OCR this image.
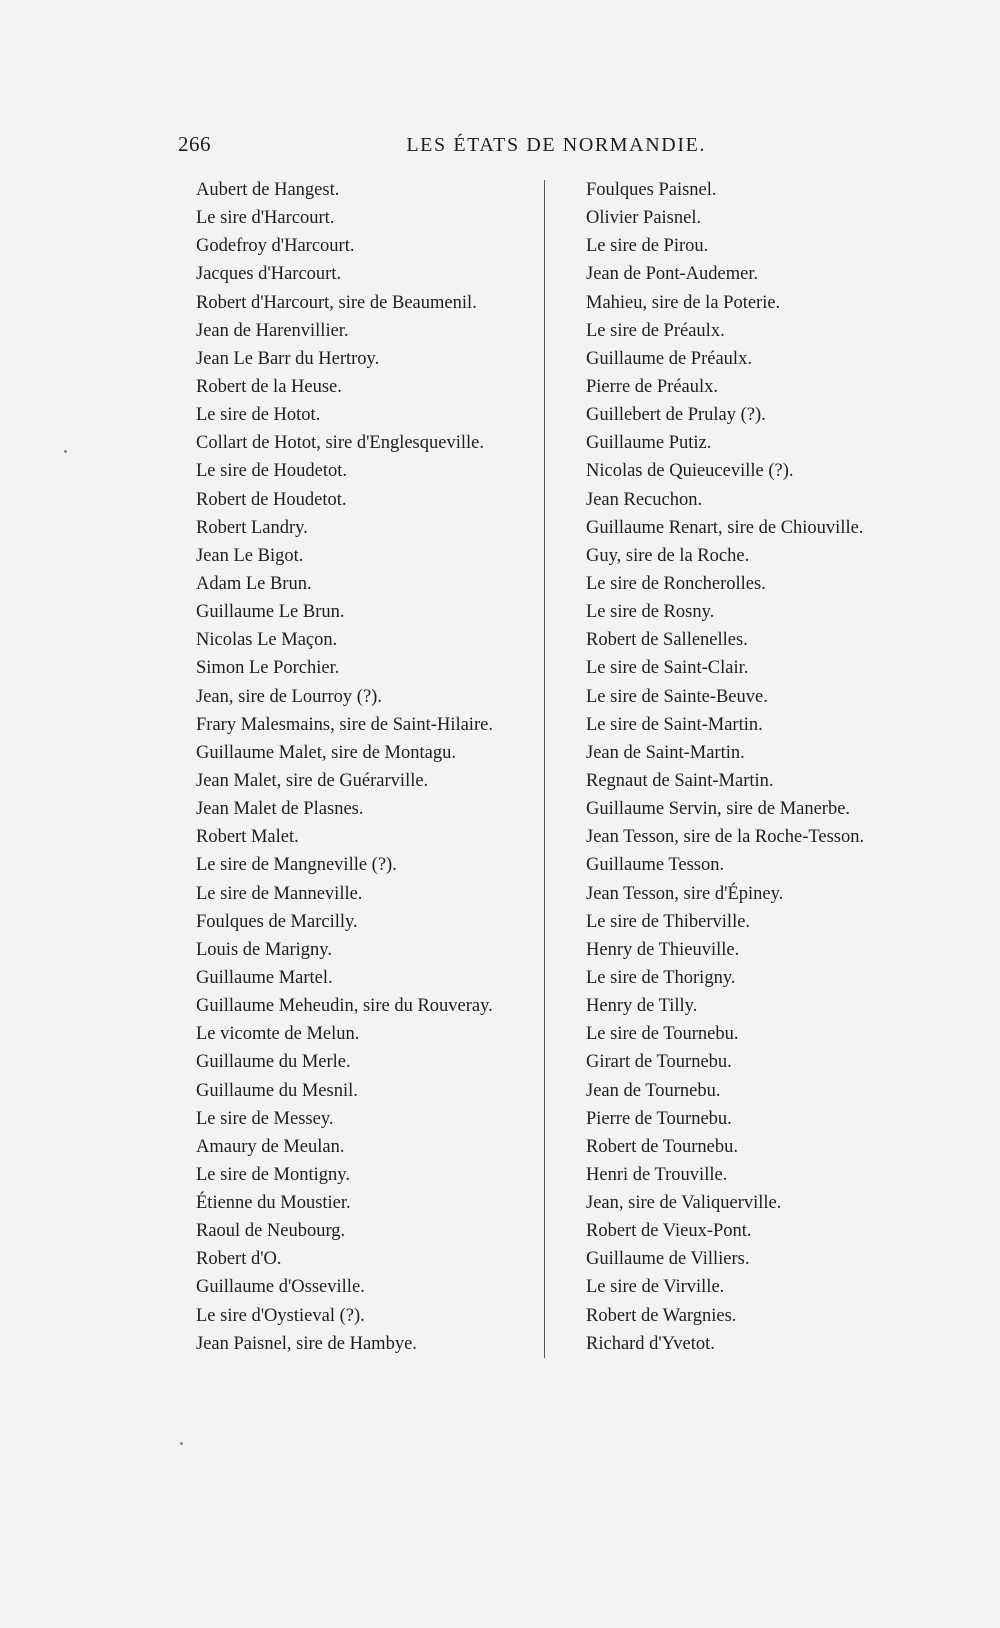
266	LES ÉTATS DE NORMANDIE.
Aubert de Hangest.
Le sire d'Harcourt.
Godefroy d'Harcourt.
Jacques d'Harcourt.
Robert d'Harcourt, sire de Beaumenil.
Jean de Harenvillier.
Jean Le Barr du Hertroy.
Robert de la Heuse.
Le sire de Hotot.
Collart de Hotot, sire d'Englesqueville.
Le sire de Houdetot.
Robert de Houdetot.
Robert Landry.
Jean Le Bigot.
Adam Le Brun.
Guillaume Le Brun.
Nicolas Le Maçon.
Simon Le Porchier.
Jean, sire de Lourroy (?).
Frary Malesmains, sire de Saint-Hilaire.
Guillaume Malet, sire de Montagu.
Jean Malet, sire de Guérarville.
Jean Malet de Plasnes.
Robert Malet.
Le sire de Mangneville (?).
Le sire de Manneville.
Foulques de Marcilly.
Louis de Marigny.
Guillaume Martel.
Guillaume Meheudin, sire du Rouveray.
Le vicomte de Melun.
Guillaume du Merle.
Guillaume du Mesnil.
Le sire de Messey.
Amaury de Meulan.
Le sire de Montigny.
Étienne du Moustier.
Raoul de Neubourg.
Robert d'O.
Guillaume d'Osseville.
Le sire d'Oystieval (?).
Jean Paisnel, sire de Hambye.
Foulques Paisnel.
Olivier Paisnel.
Le sire de Pirou.
Jean de Pont-Audemer.
Mahieu, sire de la Poterie.
Le sire de Préaulx.
Guillaume de Préaulx.
Pierre de Préaulx.
Guillebert de Prulay (?).
Guillaume Putiz.
Nicolas de Quieuceville (?).
Jean Recuchon.
Guillaume Renart, sire de Chiouville.
Guy, sire de la Roche.
Le sire de Roncherolles.
Le sire de Rosny.
Robert de Sallenelles.
Le sire de Saint-Clair.
Le sire de Sainte-Beuve.
Le sire de Saint-Martin.
Jean de Saint-Martin.
Regnaut de Saint-Martin.
Guillaume Servin, sire de Manerbe.
Jean Tesson, sire de la Roche-Tesson.
Guillaume Tesson.
Jean Tesson, sire d'Épiney.
Le sire de Thiberville.
Henry de Thieuville.
Le sire de Thorigny.
Henry de Tilly.
Le sire de Tournebu.
Girart de Tournebu.
Jean de Tournebu.
Pierre de Tournebu.
Robert de Tournebu.
Henri de Trouville.
Jean, sire de Valiquerville.
Robert de Vieux-Pont.
Guillaume de Villiers.
Le sire de Virville.
Robert de Wargnies.
Richard d'Yvetot.
